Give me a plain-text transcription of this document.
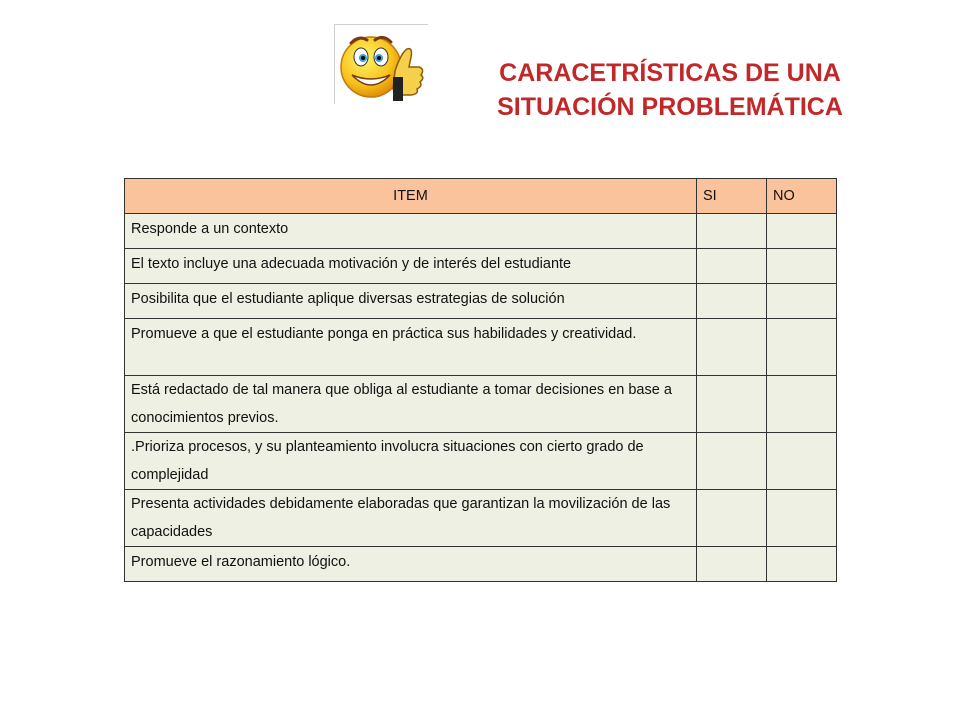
CARACETRÍSTICAS DE UNA
SITUACIÓN PROBLEMÁTICA
ITEM	SI	NO
Responde a un contexto		
El texto incluye una adecuada motivación y de interés del estudiante		
Posibilita que el estudiante aplique diversas estrategias de solución		
Promueve a que el estudiante ponga en práctica sus habilidades y creatividad.		
Está redactado de tal manera que obliga al estudiante a tomar decisiones en base a conocimientos previos.		
.Prioriza procesos, y su planteamiento involucra situaciones con cierto grado de complejidad		
Presenta actividades debidamente elaboradas que garantizan la movilización de las capacidades		
Promueve el razonamiento lógico.		
